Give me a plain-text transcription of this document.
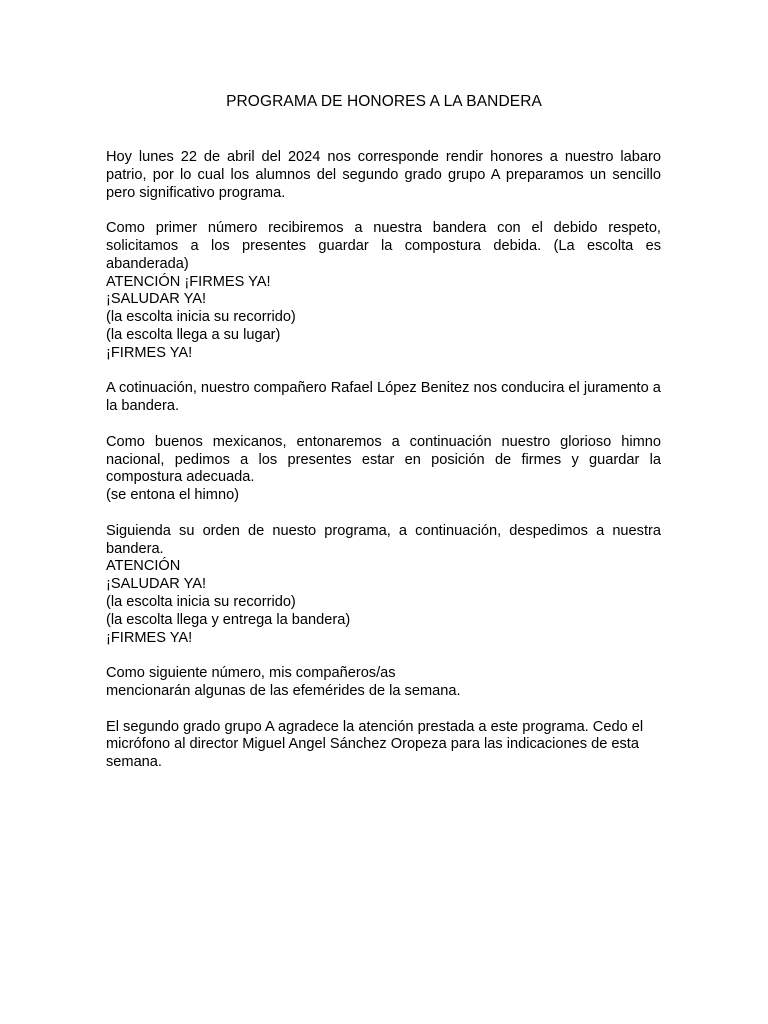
PROGRAMA DE HONORES A LA BANDERA
Hoy lunes 22 de abril del 2024 nos corresponde rendir honores a nuestro labaro patrio, por lo cual los alumnos del segundo grado grupo A preparamos un sencillo pero significativo programa.
Como primer número recibiremos a nuestra bandera con el debido respeto, solicitamos a los presentes guardar la compostura debida. (La escolta es abanderada)
ATENCIÓN ¡FIRMES YA!
¡SALUDAR YA!
(la escolta inicia su recorrido)
(la escolta llega a su lugar)
¡FIRMES YA!
A cotinuación, nuestro compañero Rafael López Benitez nos conducira el juramento a la bandera.
Como buenos mexicanos, entonaremos a continuación nuestro glorioso himno nacional, pedimos a los presentes estar en posición de firmes y guardar la compostura adecuada.
(se entona el himno)
Siguienda su orden de nuesto programa, a continuación, despedimos a nuestra bandera.
ATENCIÓN
¡SALUDAR YA!
(la escolta inicia su recorrido)
(la escolta llega y entrega la bandera)
¡FIRMES YA!
Como siguiente número, mis compañeros/as
mencionarán algunas de las efemérides de la semana.
El segundo grado grupo A agradece la atención prestada a este programa. Cedo el micrófono al director Miguel Angel Sánchez Oropeza para las indicaciones de esta semana.
